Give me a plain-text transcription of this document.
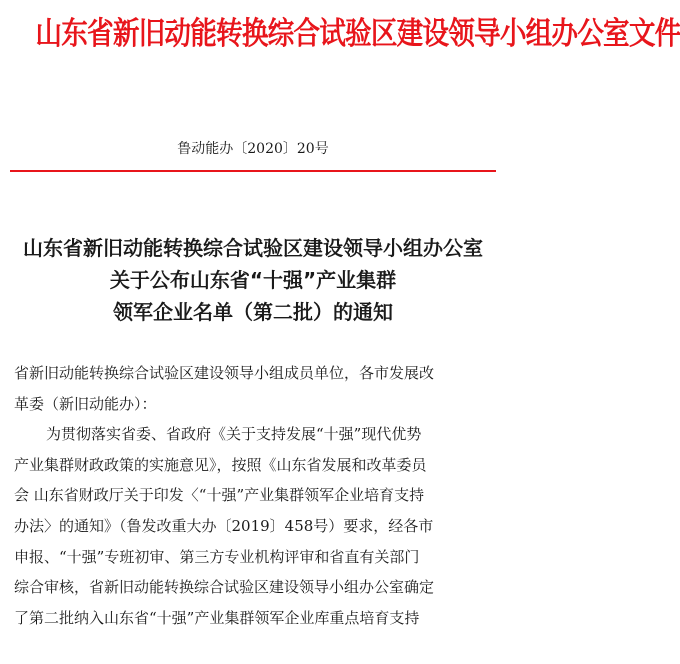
山东省新旧动能转换综合试验区建设领导小组办公室文件
鲁动能办〔2020〕20号
山东省新旧动能转换综合试验区建设领导小组办公室
关于公布山东省“十强”产业集群
领军企业名单（第二批）的通知
省新旧动能转换综合试验区建设领导小组成员单位，各市发展改
革委（新旧动能办）：
为贯彻落实省委、省政府《关于支持发展“十强”现代优势
产业集群财政政策的实施意见》，按照《山东省发展和改革委员
会 山东省财政厅关于印发〈“十强”产业集群领军企业培育支持
办法〉的通知》（鲁发改重大办〔2019〕458号）要求，经各市
申报、“十强”专班初审、第三方专业机构评审和省直有关部门
综合审核，省新旧动能转换综合试验区建设领导小组办公室确定
了第二批纳入山东省“十强”产业集群领军企业库重点培育支持
